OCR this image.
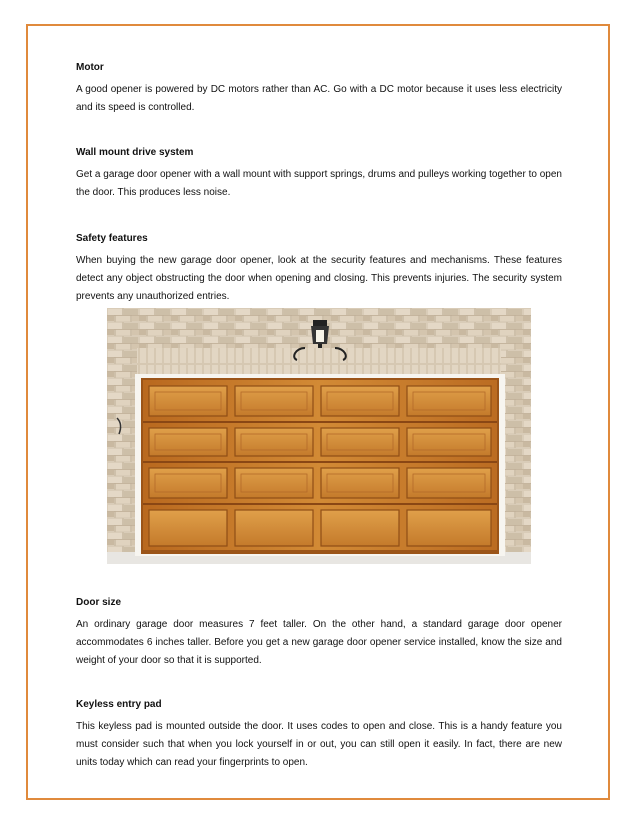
Motor
A good opener is powered by DC motors rather than AC. Go with a DC motor because it uses less electricity and its speed is controlled.
Wall mount drive system
Get a garage door opener with a wall mount with support springs, drums and pulleys working together to open the door. This produces less noise.
Safety features
When buying the new garage door opener, look at the security features and mechanisms. These features detect any object obstructing the door when opening and closing. This prevents injuries. The security system prevents any unauthorized entries.
Door size
An ordinary garage door measures 7 feet taller. On the other hand, a standard garage door opener accommodates 6 inches taller. Before you get a new garage door opener service installed, know the size and weight of your door so that it is supported.
Keyless entry pad
This keyless pad is mounted outside the door. It uses codes to open and close. This is a handy feature you must consider such that when you lock yourself in or out, you can still open it easily. In fact, there are new units today which can read your fingerprints to open.
